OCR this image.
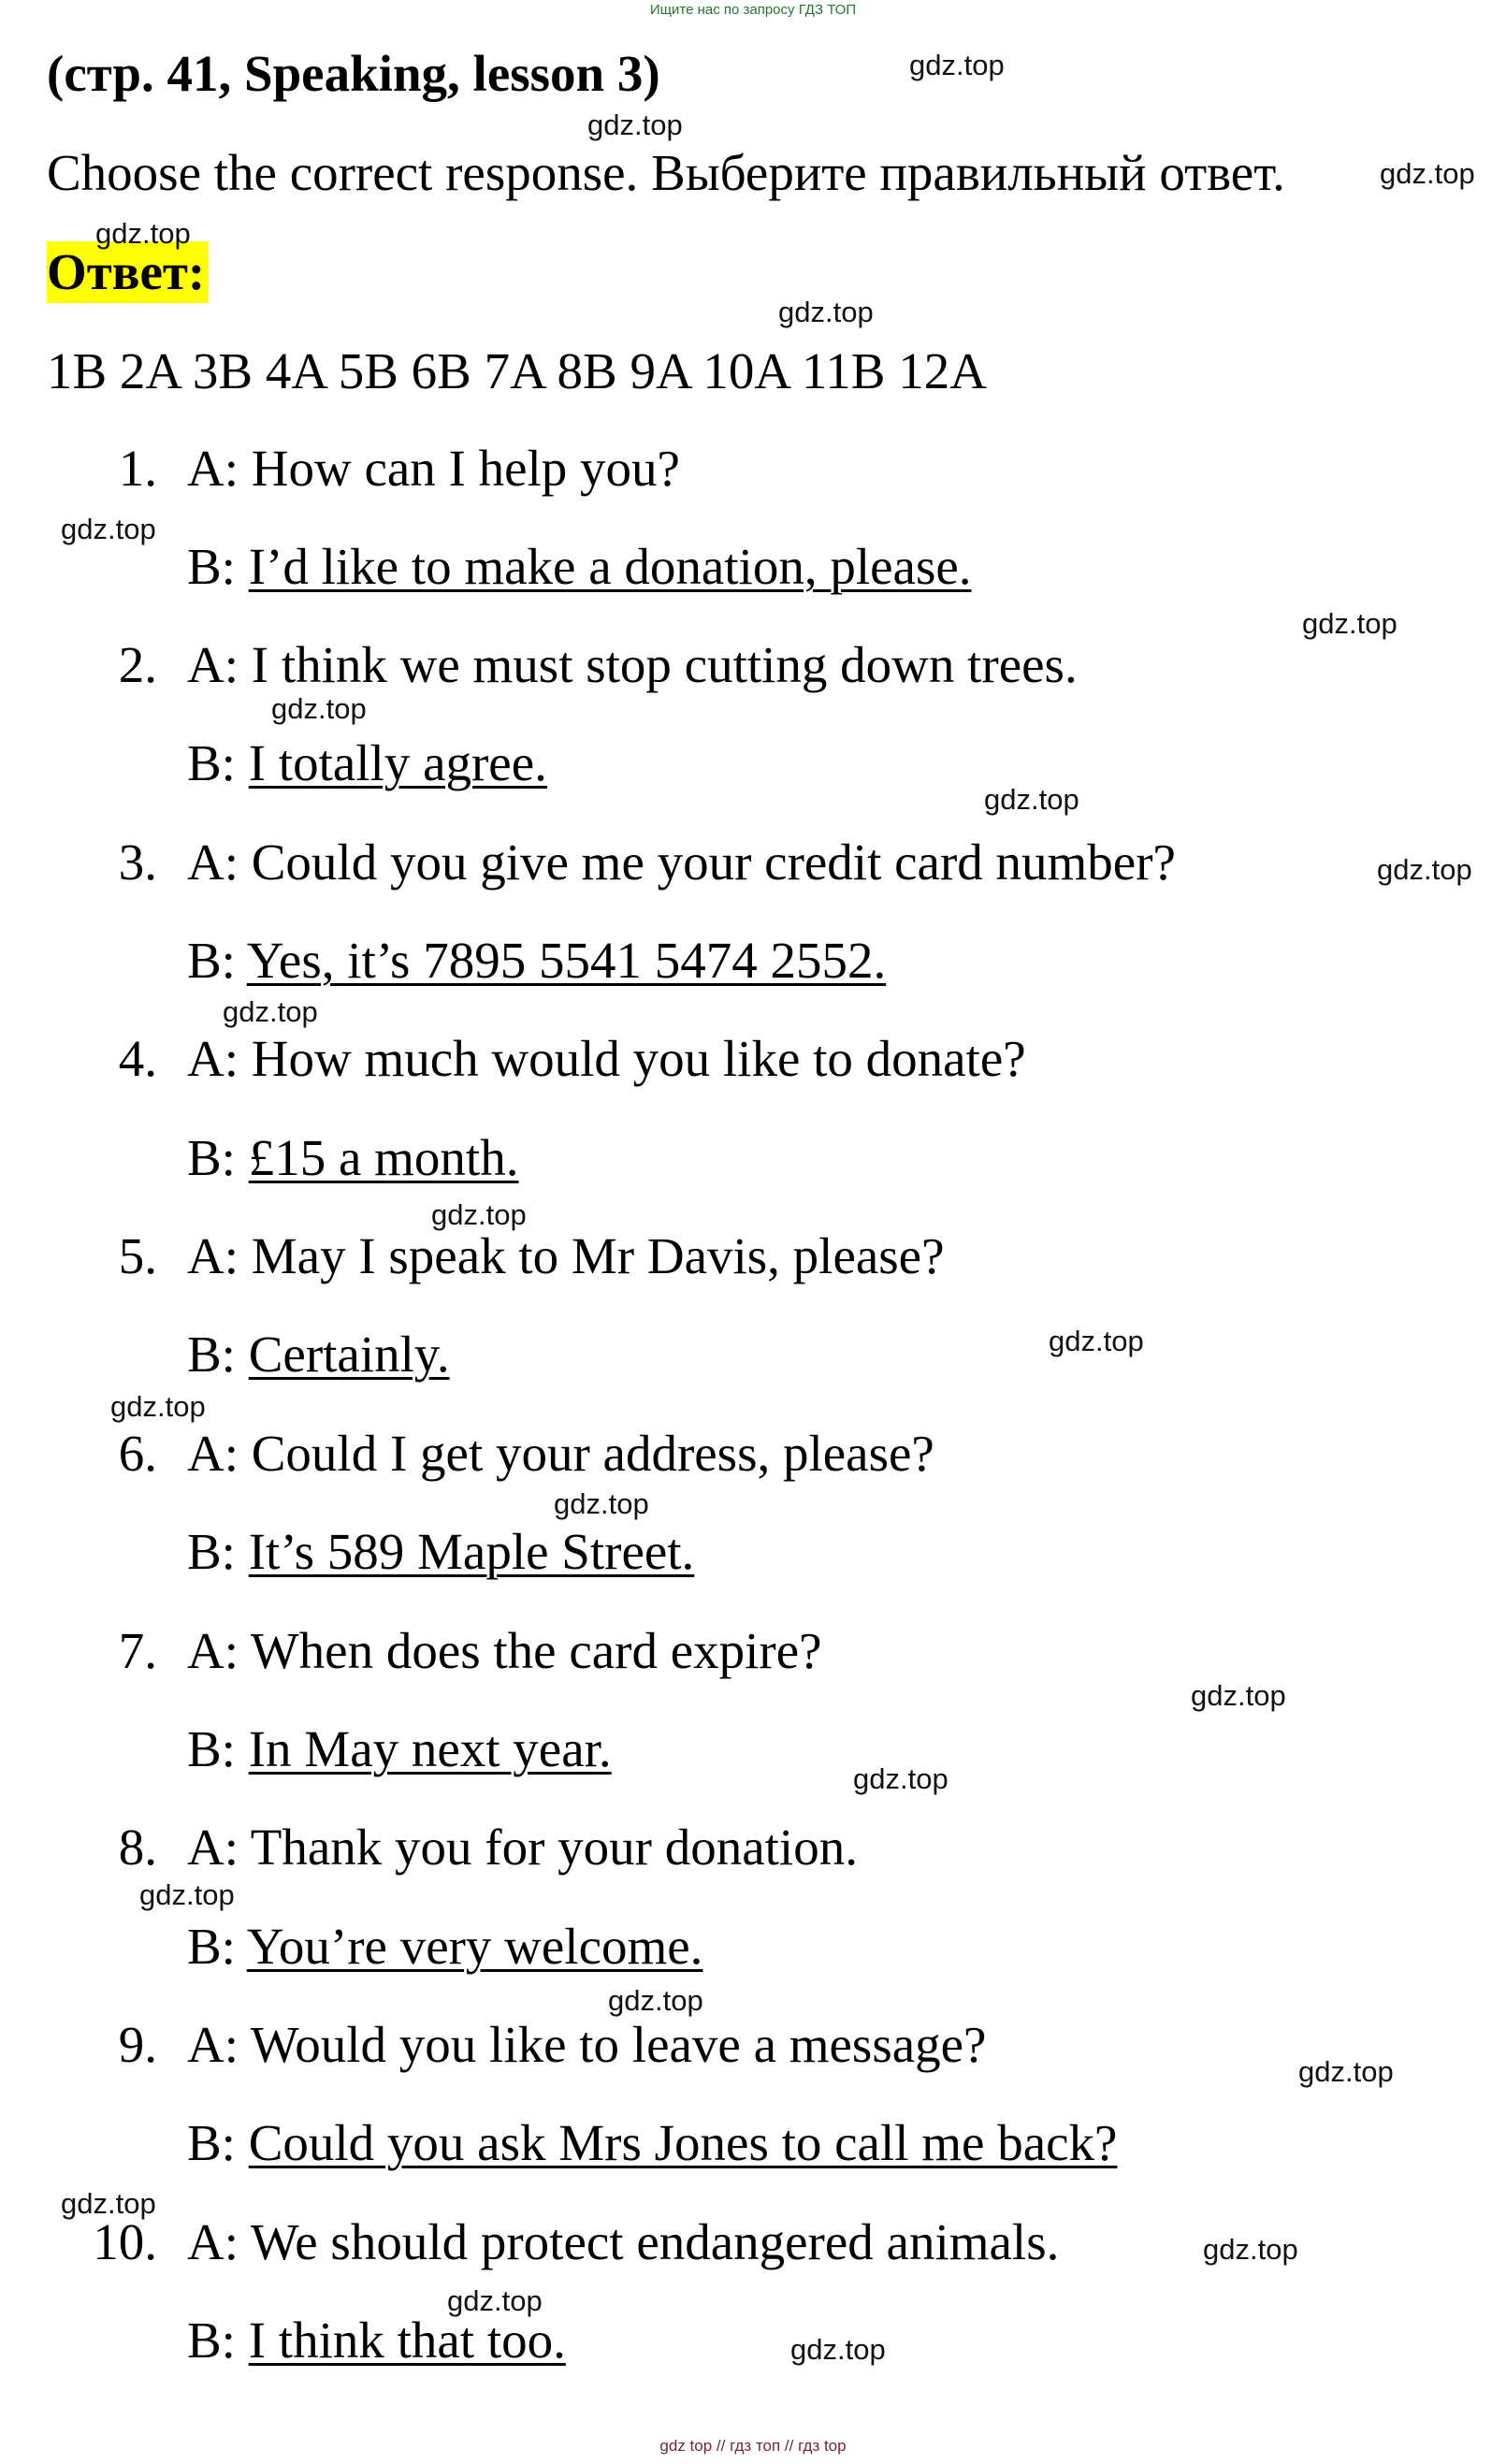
Ищите нас по запросу ГДЗ ТОП
(стр. 41, Speaking, lesson 3)
Choose the correct response. Выберите правильный ответ.
Ответ:
1B 2A 3B 4A 5B 6B 7A 8B 9A 10A 11B 12A
1. A: How can I help you?
B: I’d like to make a donation, please.
2. A: I think we must stop cutting down trees.
B: I totally agree.
3. A: Could you give me your credit card number?
B: Yes, it’s 7895 5541 5474 2552.
4. A: How much would you like to donate?
B: £15 a month.
5. A: May I speak to Mr Davis, please?
B: Certainly.
6. A: Could I get your address, please?
B: It’s 589 Maple Street.
7. A: When does the card expire?
B: In May next year.
8. A: Thank you for your donation.
B: You’re very welcome.
9. A: Would you like to leave a message?
B: Could you ask Mrs Jones to call me back?
10. A: We should protect endangered animals.
B: I think that too.
gdz.top
gdz.top
gdz.top
gdz.top
gdz.top
gdz.top
gdz.top
gdz.top
gdz.top
gdz.top
gdz.top
gdz.top
gdz.top
gdz.top
gdz.top
gdz.top
gdz.top
gdz.top
gdz.top
gdz.top
gdz.top
gdz.top
gdz.top
gdz.top
gdz top // гдз топ // гдз top
